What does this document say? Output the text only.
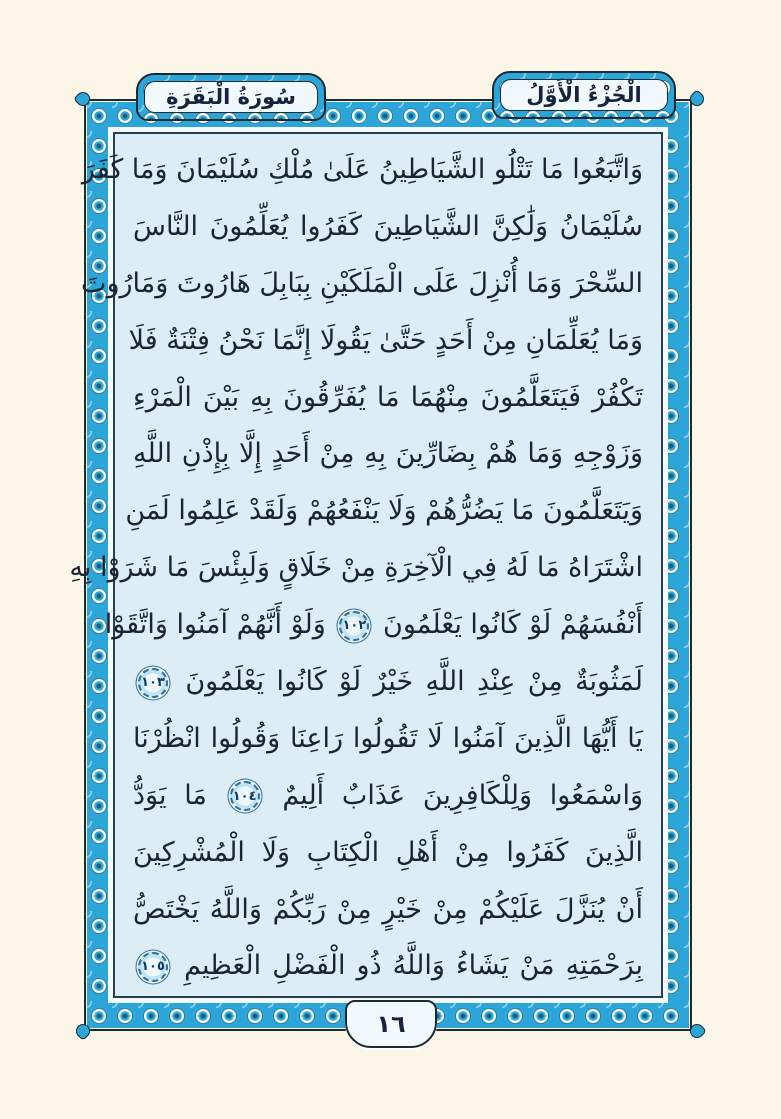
وَاتَّبَعُوا مَا تَتْلُو الشَّيَاطِينُ عَلَىٰ مُلْكِ سُلَيْمَانَ وَمَا كَفَرَ
سُلَيْمَانُ وَلَٰكِنَّ الشَّيَاطِينَ كَفَرُوا يُعَلِّمُونَ النَّاسَ
السِّحْرَ وَمَا أُنْزِلَ عَلَى الْمَلَكَيْنِ بِبَابِلَ هَارُوتَ وَمَارُوتَ
وَمَا يُعَلِّمَانِ مِنْ أَحَدٍ حَتَّىٰ يَقُولَا إِنَّمَا نَحْنُ فِتْنَةٌ فَلَا
تَكْفُرْ فَيَتَعَلَّمُونَ مِنْهُمَا مَا يُفَرِّقُونَ بِهِ بَيْنَ الْمَرْءِ
وَزَوْجِهِ وَمَا هُمْ بِضَارِّينَ بِهِ مِنْ أَحَدٍ إِلَّا بِإِذْنِ اللَّهِ
وَيَتَعَلَّمُونَ مَا يَضُرُّهُمْ وَلَا يَنْفَعُهُمْ وَلَقَدْ عَلِمُوا لَمَنِ
اشْتَرَاهُ مَا لَهُ فِي الْآخِرَةِ مِنْ خَلَاقٍ وَلَبِئْسَ مَا شَرَوْا بِهِ
أَنْفُسَهُمْ لَوْ كَانُوا يَعْلَمُونَ ١٠٢ وَلَوْ أَنَّهُمْ آمَنُوا وَاتَّقَوْا
لَمَثُوبَةٌ مِنْ عِنْدِ اللَّهِ خَيْرٌ لَوْ كَانُوا يَعْلَمُونَ ١٠٣
يَا أَيُّهَا الَّذِينَ آمَنُوا لَا تَقُولُوا رَاعِنَا وَقُولُوا انْظُرْنَا
وَاسْمَعُوا وَلِلْكَافِرِينَ عَذَابٌ أَلِيمٌ ١٠٤ مَا يَوَدُّ
الَّذِينَ كَفَرُوا مِنْ أَهْلِ الْكِتَابِ وَلَا الْمُشْرِكِينَ
أَنْ يُنَزَّلَ عَلَيْكُمْ مِنْ خَيْرٍ مِنْ رَبِّكُمْ وَاللَّهُ يَخْتَصُّ
بِرَحْمَتِهِ مَنْ يَشَاءُ وَاللَّهُ ذُو الْفَضْلِ الْعَظِيمِ ١٠٥
سُورَةُ الْبَقَرَةِ	الْجُزْءُ الْأَوَّلُ
١٦
